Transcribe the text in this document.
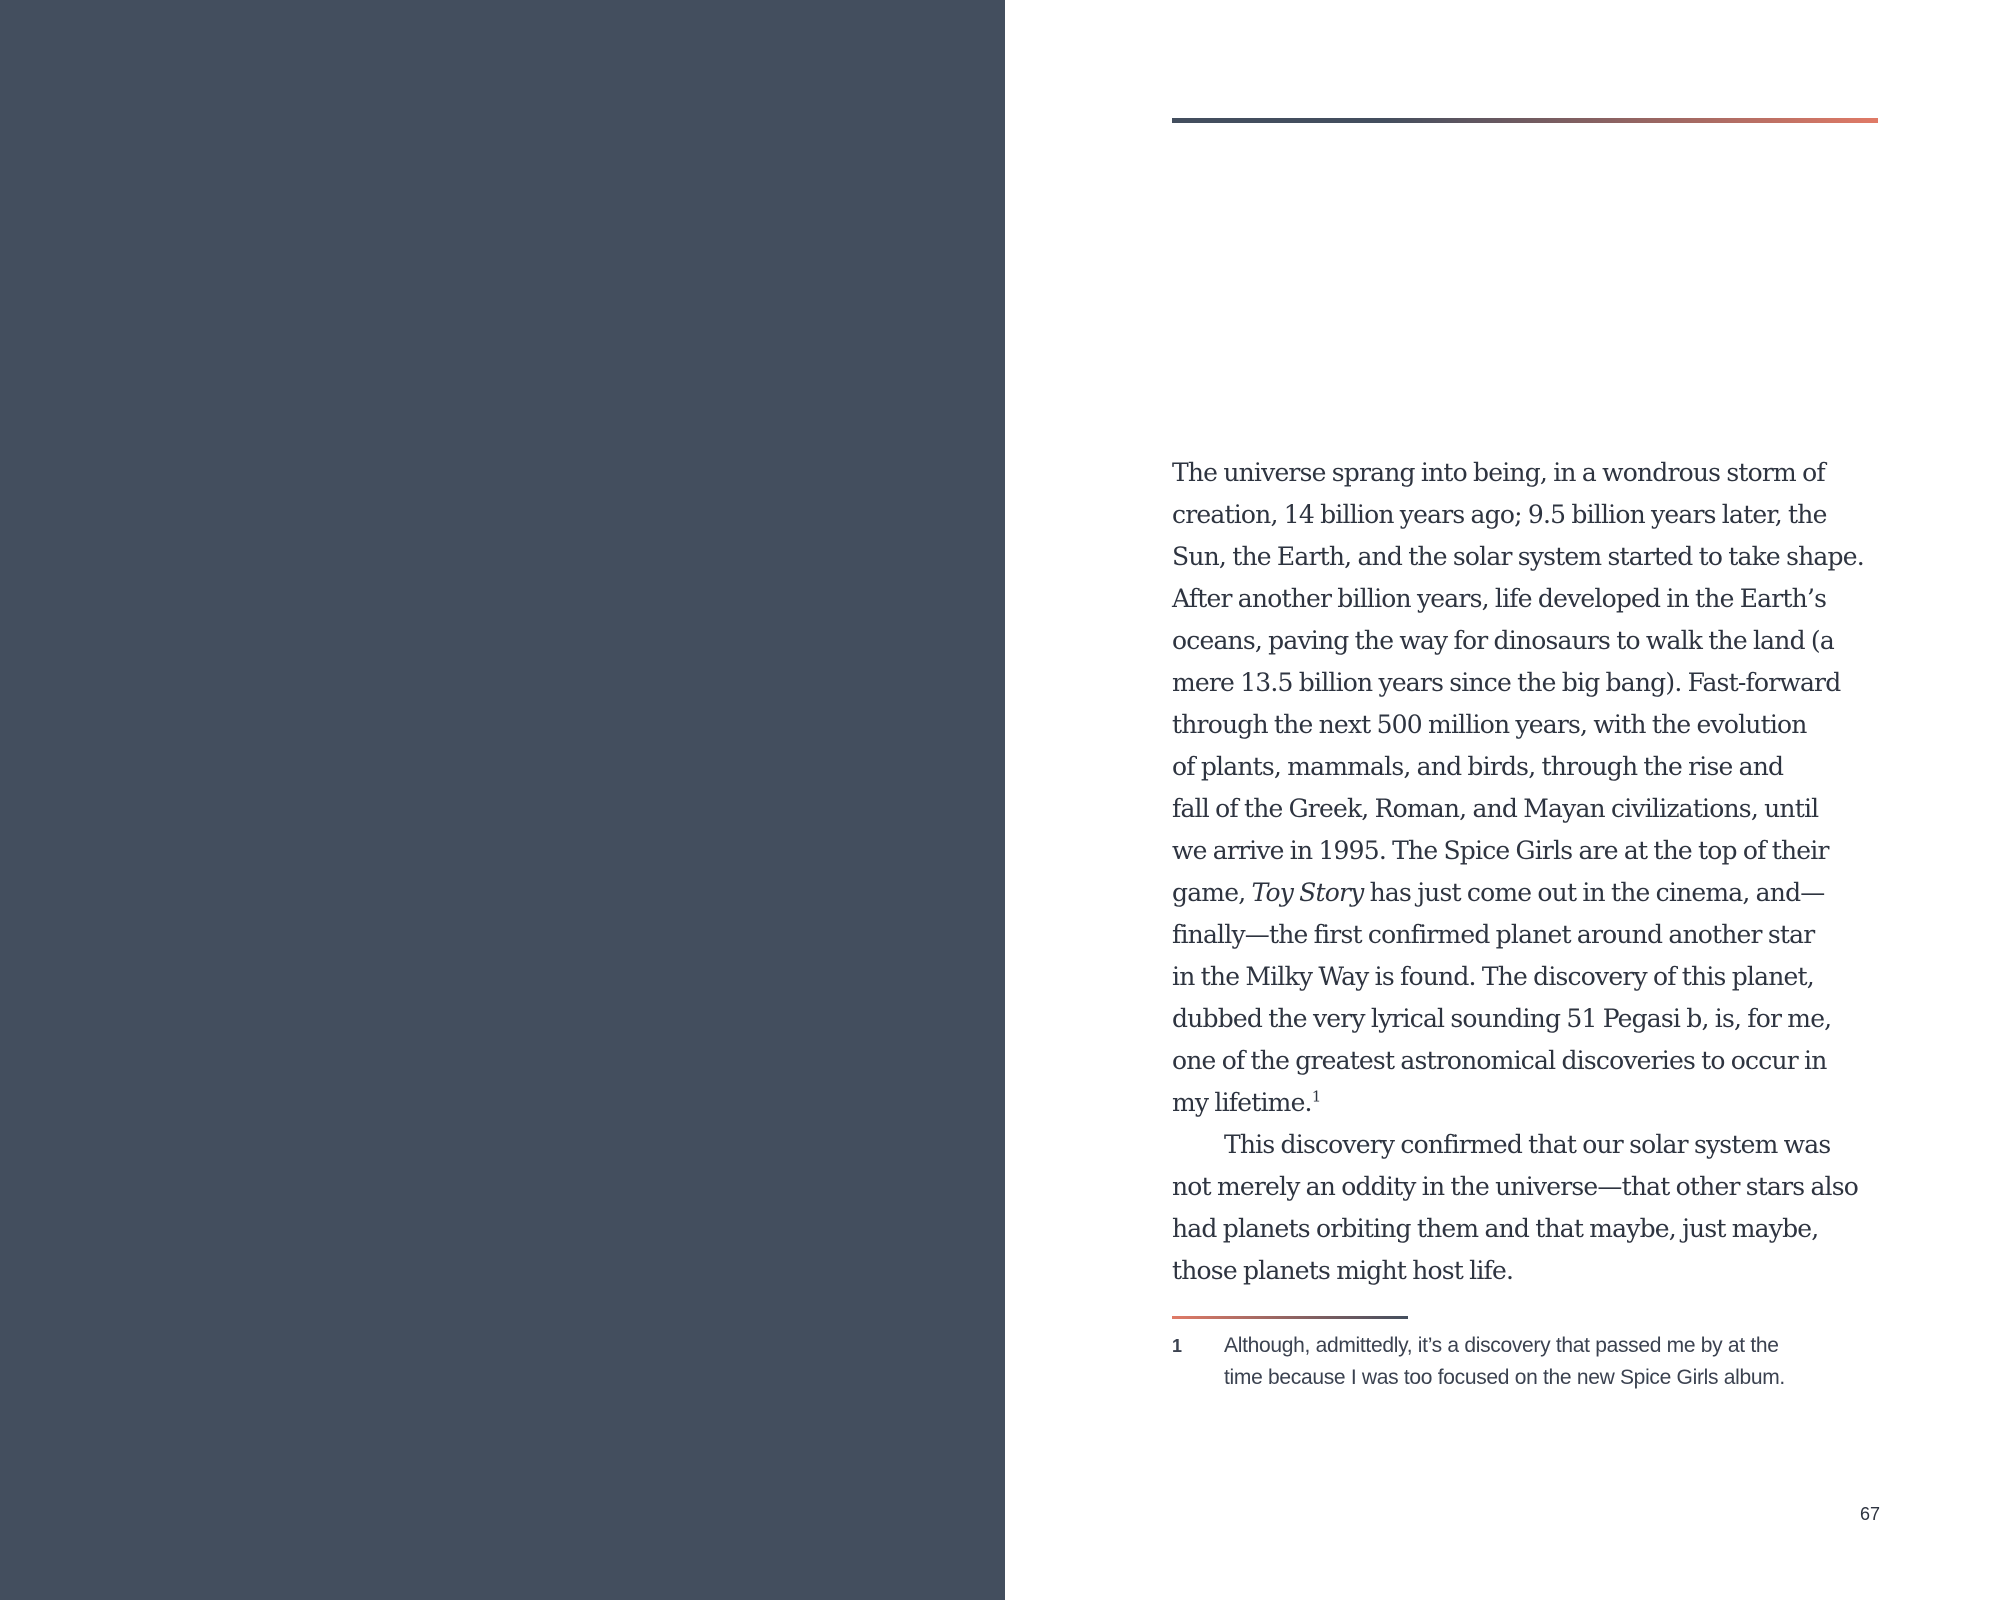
The universe sprang into being, in a wondrous storm of
creation, 14 billion years ago; 9.5 billion years later, the
Sun, the Earth, and the solar system started to take shape.
After another billion years, life developed in the Earth’s
oceans, paving the way for dinosaurs to walk the land (a
mere 13.5 billion years since the big bang). Fast-forward
through the next 500 million years, with the evolution
of plants, mammals, and birds, through the rise and
fall of the Greek, Roman, and Mayan civilizations, until
we arrive in 1995. The Spice Girls are at the top of their
game, Toy Story has just come out in the cinema, and—
finally—the first confirmed planet around another star
in the Milky Way is found. The discovery of this planet,
dubbed the very lyrical sounding 51 Pegasi b, is, for me,
one of the greatest astronomical discoveries to occur in
my lifetime.$^1$
This discovery confirmed that our solar system was
not merely an oddity in the universe—that other stars also
had planets orbiting them and that maybe, just maybe,
those planets might host life.
1 Although, admittedly, it’s a discovery that passed me by at the
time because I was too focused on the new Spice Girls album.
67
